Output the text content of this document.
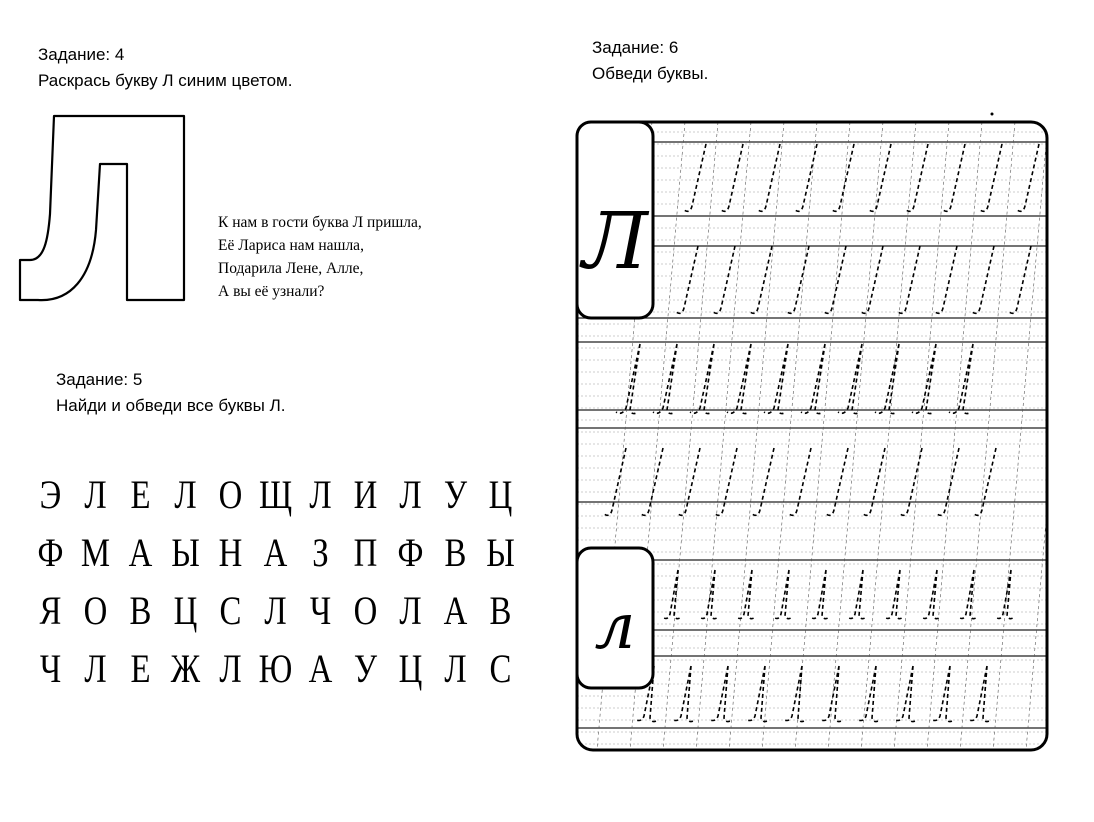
Задание: 4
Раскрась букву Л синим цветом.
К нам в гости буква Л пришла,
Её Лариса нам нашла,
Подарила Лене, Алле,
А вы её узнали?
Задание: 5
Найди и обведи все буквы Л.
Э Л Е Л О Щ Л И Л У Ц
Ф М А Ы Н А З П Ф В Ы
Я О В Ц С Л Ч О Л А В
Ч Л Е Ж Л Ю А У Ц Л С
Задание: 6
Обведи буквы.
Л
л
